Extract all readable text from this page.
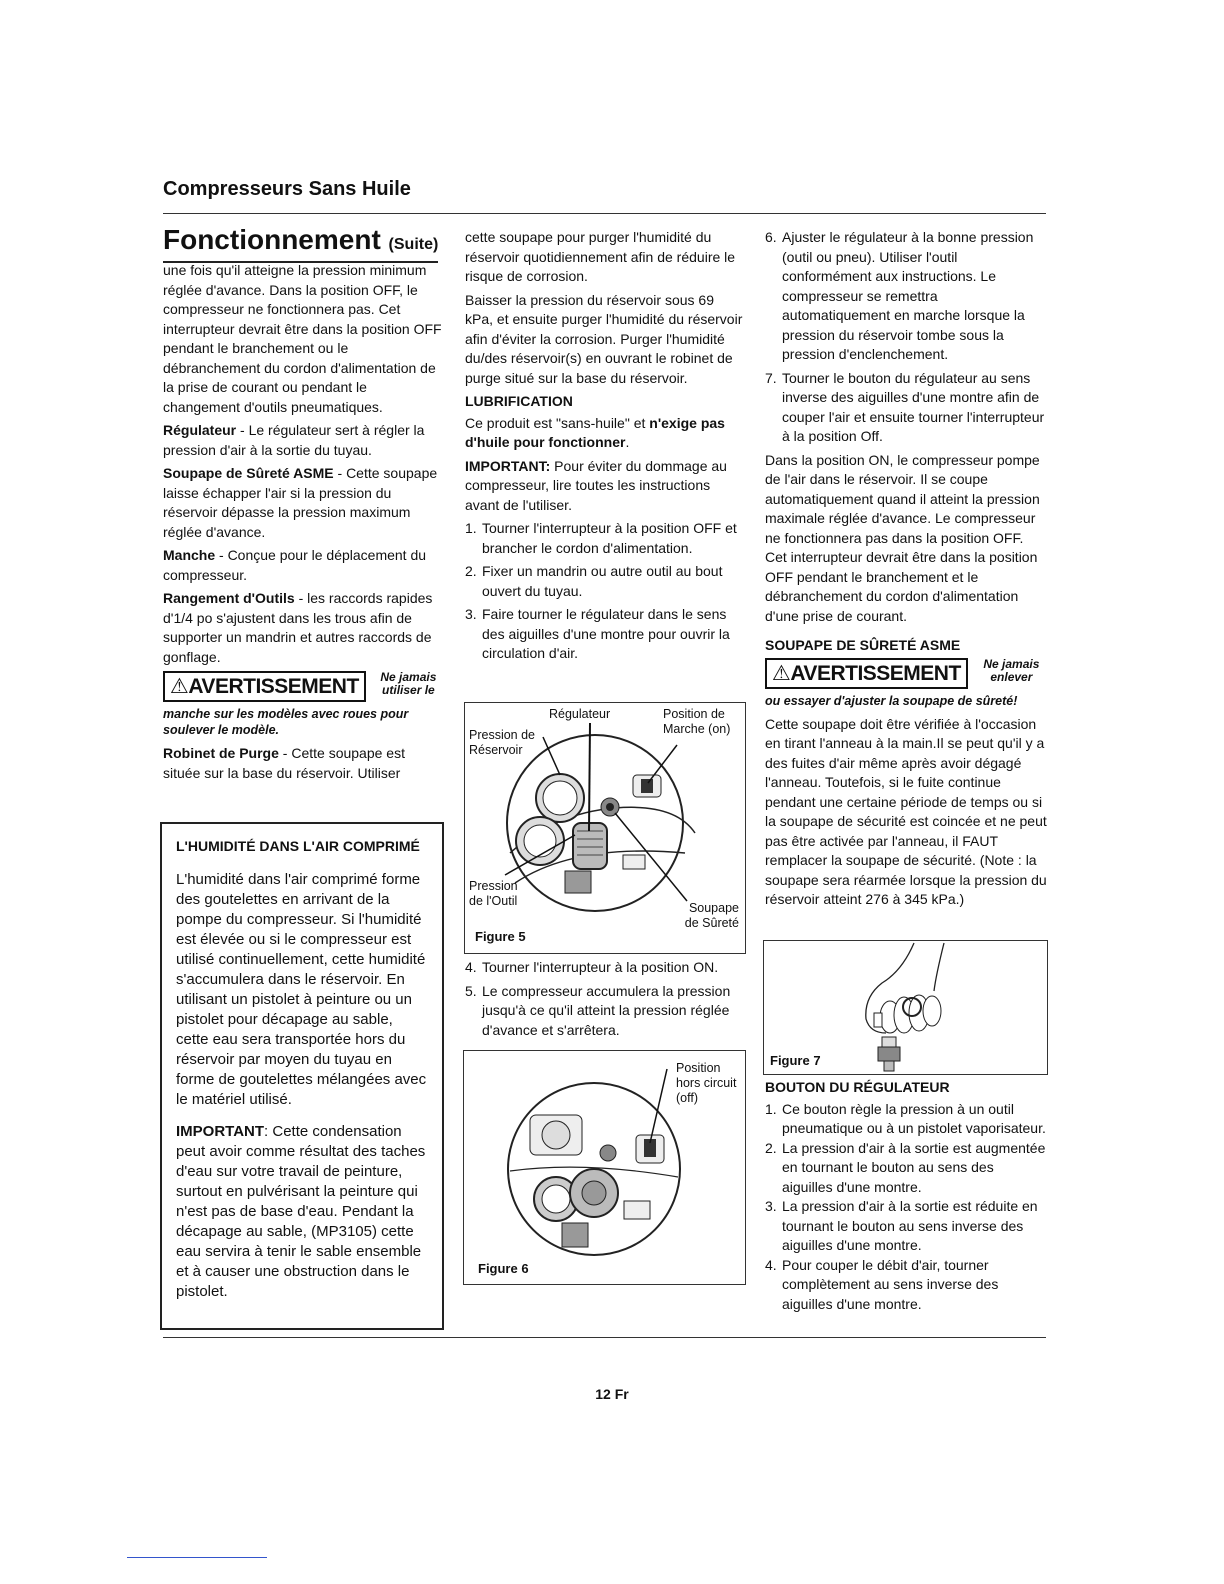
Compresseurs Sans Huile
Fonctionnement (Suite)

une fois qu'il atteigne la pression minimum réglée d'avance. Dans la position OFF, le compresseur ne fonctionnera pas. Cet interrupteur devrait être dans la position OFF pendant le branchement ou le débranchement du cordon d'alimentation de la prise de courant ou pendant le changement d'outils pneumatiques.

Régulateur - Le régulateur sert à régler la pression d'air à la sortie du tuyau.

Soupape de Sûreté ASME - Cette soupape laisse échapper l'air si la pression du réservoir dépasse la pression maximum réglée d'avance.

Manche - Conçue pour le déplacement du compresseur.

Rangement d'Outils - les raccords rapides d'1/4 po s'ajustent dans les trous afin de supporter un mandrin et autres raccords de gonflage.

⚠AVERTISSEMENT	Ne jamais utiliser le
manche sur les modèles avec roues pour soulever le modèle.

Robinet de Purge - Cette soupape est située sur la base du réservoir. Utiliser

L'HUMIDITÉ DANS L'AIR COMPRIMÉ
L'humidité dans l'air comprimé forme des goutelettes en arrivant de la pompe du compresseur. Si l'humidité est élevée ou si le compresseur est utilisé continuellement, cette humidité s'accumulera dans le réservoir. En utilisant un pistolet à peinture ou un pistolet pour décapage au sable, cette eau sera transportée hors du réservoir par moyen du tuyau en forme de goutelettes mélangées avec le matériel utilisé.
IMPORTANT: Cette condensation peut avoir comme résultat des taches d'eau sur votre travail de peinture, surtout en pulvérisant la peinture qui n'est pas de base d'eau. Pendant la décapage au sable, (MP3105) cette eau servira à tenir le sable ensemble et à causer une obstruction dans le pistolet.

cette soupape pour purger l'humidité du réservoir quotidiennement afin de réduire le risque de corrosion.

Baisser la pression du réservoir sous 69 kPa, et ensuite purger l'humidité du réservoir afin d'éviter la corrosion. Purger l'humidité du/des réservoir(s) en ouvrant le robinet de purge situé sur la base du réservoir.

LUBRIFICATION

Ce produit est "sans-huile" et n'exige pas d'huile pour fonctionner.

IMPORTANT: Pour éviter du dommage au compresseur, lire toutes les instructions avant de l'utiliser.

1. Tourner l'interrupteur à la position OFF et brancher le cordon d'alimentation.
2. Fixer un mandrin ou autre outil au bout ouvert du tuyau.
3. Faire tourner le régulateur dans le sens des aiguilles d'une montre pour ouvrir la circulation d'air.
Régulateur
Pression de Réservoir
Position de Marche (on)
Pression de l'Outil	Soupape de Sûreté
Figure 5
4. Tourner l'interrupteur à la position ON.
5. Le compresseur accumulera la pression jusqu'à ce qu'il atteint la pression réglée d'avance et s'arrêtera.
Position hors circuit (off)
Figure 6
6. Ajuster le régulateur à la bonne pression (outil ou pneu). Utiliser l'outil conformément aux instructions. Le compresseur se remettra automatiquement en marche lorsque la pression du réservoir tombe sous la pression d'enclenchement.
7. Tourner le bouton du régulateur au sens inverse des aiguilles d'une montre afin de couper l'air et ensuite tourner l'interrupteur à la position Off.

Dans la position ON, le compresseur pompe de l'air dans le réservoir. Il se coupe automatiquement quand il atteint la pression maximale réglée d'avance. Le compresseur ne fonctionnera pas dans la position OFF. Cet interrupteur devrait être dans la position OFF pendant le branchement et le débranchement du cordon d'alimentation d'une prise de courant.

SOUPAPE DE SÛRETÉ ASME
⚠AVERTISSEMENT	Ne jamais enlever
ou essayer d'ajuster la soupape de sûreté!

Cette soupape doit être vérifiée à l'occasion en tirant l'anneau à la main.Il se peut qu'il y a des fuites d'air même après avoir dégagé l'anneau. Toutefois, si le fuite continue pendant une certaine période de temps ou si la soupape de sécurité est coincée et ne peut pas être activée par l'anneau, il FAUT remplacer la soupape de sécurité. (Note : la soupape sera réarmée lorsque la pression du réservoir atteint 276 à 345 kPa.)

Figure 7
BOUTON DU RÉGULATEUR
1. Ce bouton règle la pression à un outil pneumatique ou à un pistolet vaporisateur.
2. La pression d'air à la sortie est augmentée en tournant le bouton au sens des aiguilles d'une montre.
3. La pression d'air à la sortie est réduite en tournant le bouton au sens inverse des aiguilles d'une montre.
4. Pour couper le débit d'air, tourner complètement au sens inverse des aiguilles d'une montre.
12 Fr
